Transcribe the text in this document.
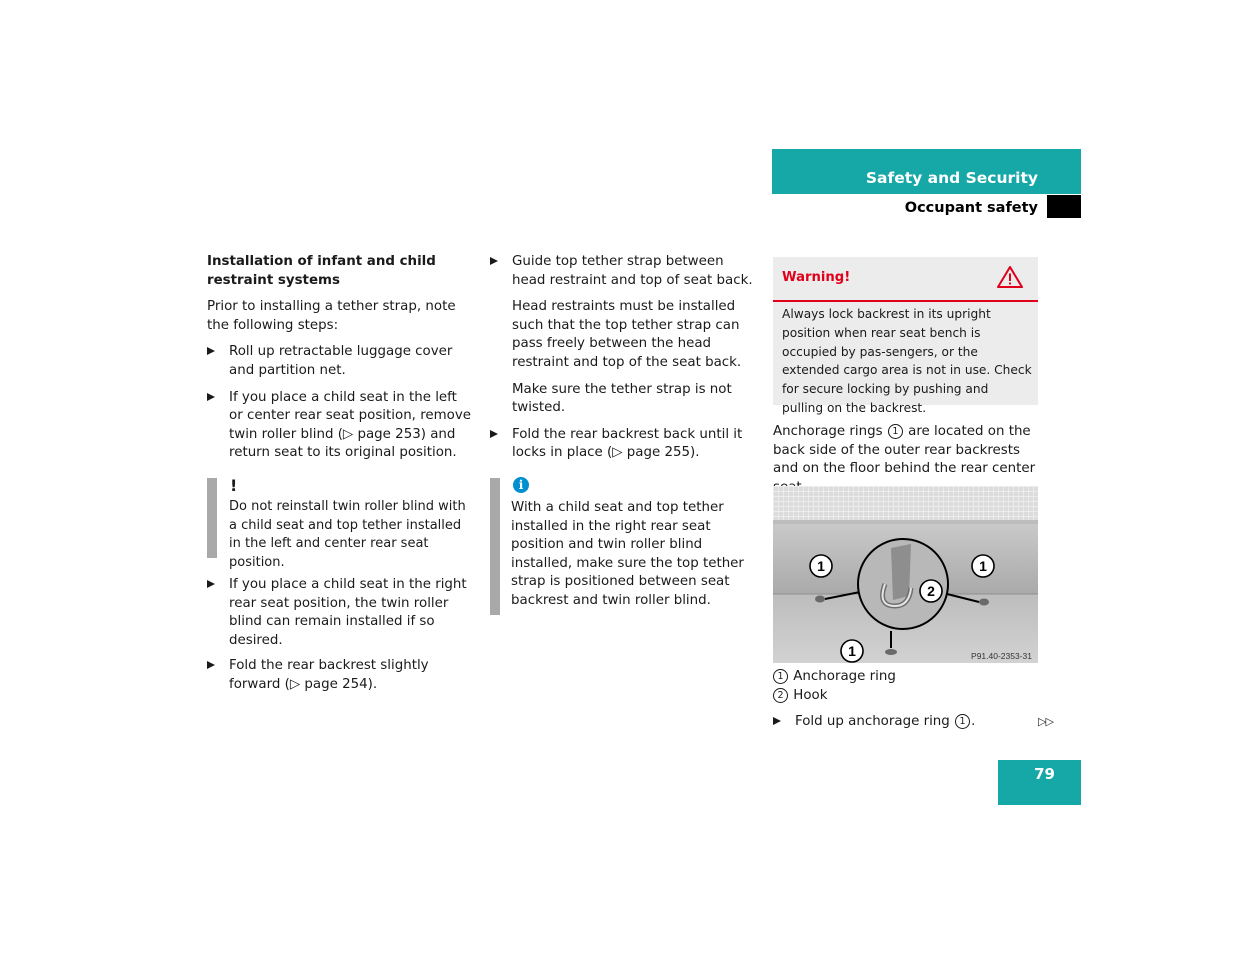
Safety and Security
Occupant safety

Installation of infant and child restraint systems

Prior to installing a tether strap, note the following steps:

Roll up retractable luggage cover and partition net.
If you place a child seat in the left or center rear seat position, remove twin roller blind (▷ page 253) and return seat to its original position.
!
Do not reinstall twin roller blind with a child seat and top tether installed in the left and center rear seat position.
If you place a child seat in the right rear seat position, the twin roller blind can remain installed if so desired.
Fold the rear backrest slightly forward (▷ page 254).
Guide top tether strap between head restraint and top of seat back.

Head restraints must be installed such that the top tether strap can pass freely between the head restraint and top of the seat back.

Make sure the tether strap is not twisted.

Fold the rear backrest back until it locks in place (▷ page 255).
i
With a child seat and top tether installed in the right rear seat position and twin roller blind installed, make sure the top tether strap is positioned between seat backrest and twin roller blind.
Warning!
Always lock backrest in its upright position when rear seat bench is occupied by pas-sengers, or the extended cargo area is not in use. Check for secure locking by pushing and pulling on the backrest.
Anchorage rings 1 are located on the back side of the outer rear backrests and on the floor behind the rear center
1	1
2
1	P91.40-2353-31
1 Anchorage ring
2 Hook
Fold up anchorage ring 1 .	▷▷
79
